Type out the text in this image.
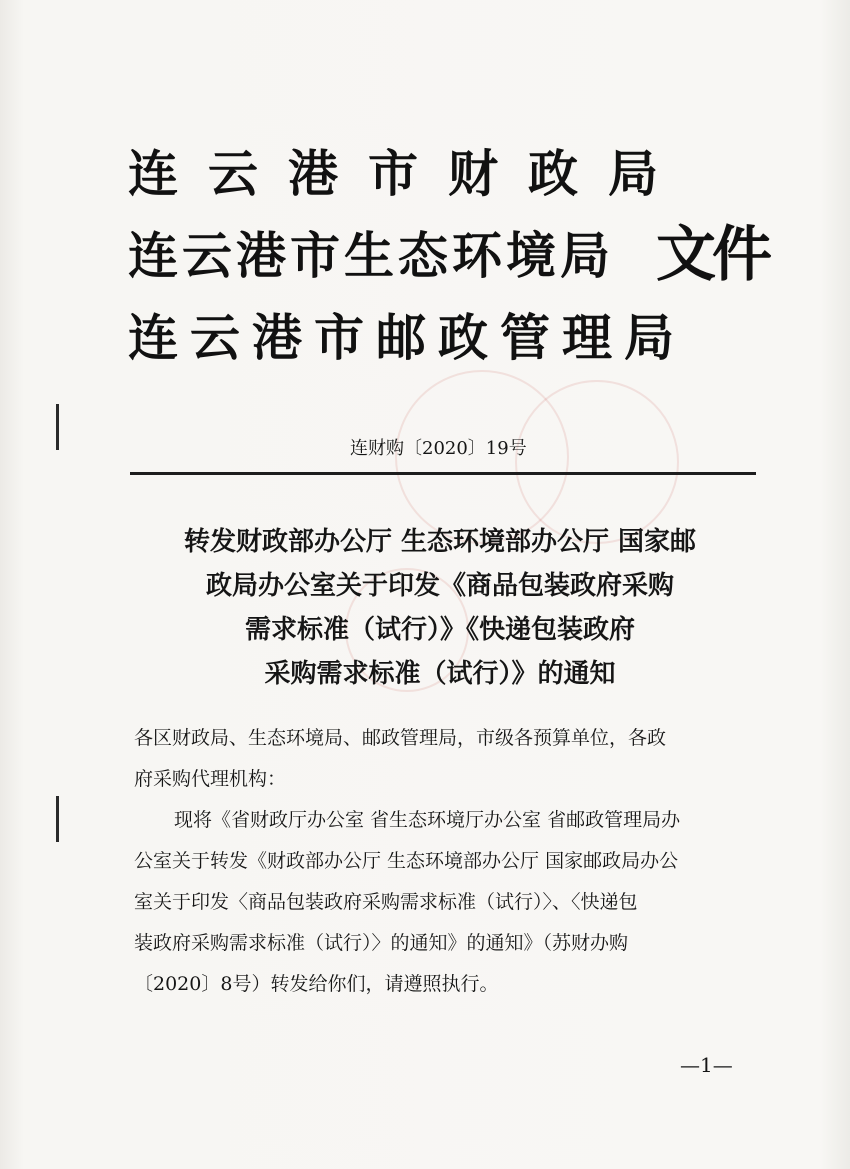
连云港市财政局
连云港市生态环境局
连云港市邮政管理局
文件
连财购〔2020〕19号
转发财政部办公厅 生态环境部办公厅 国家邮
政局办公室关于印发《商品包装政府采购
需求标准（试行）》《快递包装政府
采购需求标准（试行）》的通知
各区财政局、生态环境局、邮政管理局，市级各预算单位，各政
府采购代理机构：
现将《省财政厅办公室 省生态环境厅办公室 省邮政管理局办
公室关于转发《财政部办公厅 生态环境部办公厅 国家邮政局办公
室关于印发〈商品包装政府采购需求标准（试行）〉、〈快递包
装政府采购需求标准（试行）〉的通知》的通知》（苏财办购
〔2020〕8号）转发给你们，请遵照执行。
—1—
